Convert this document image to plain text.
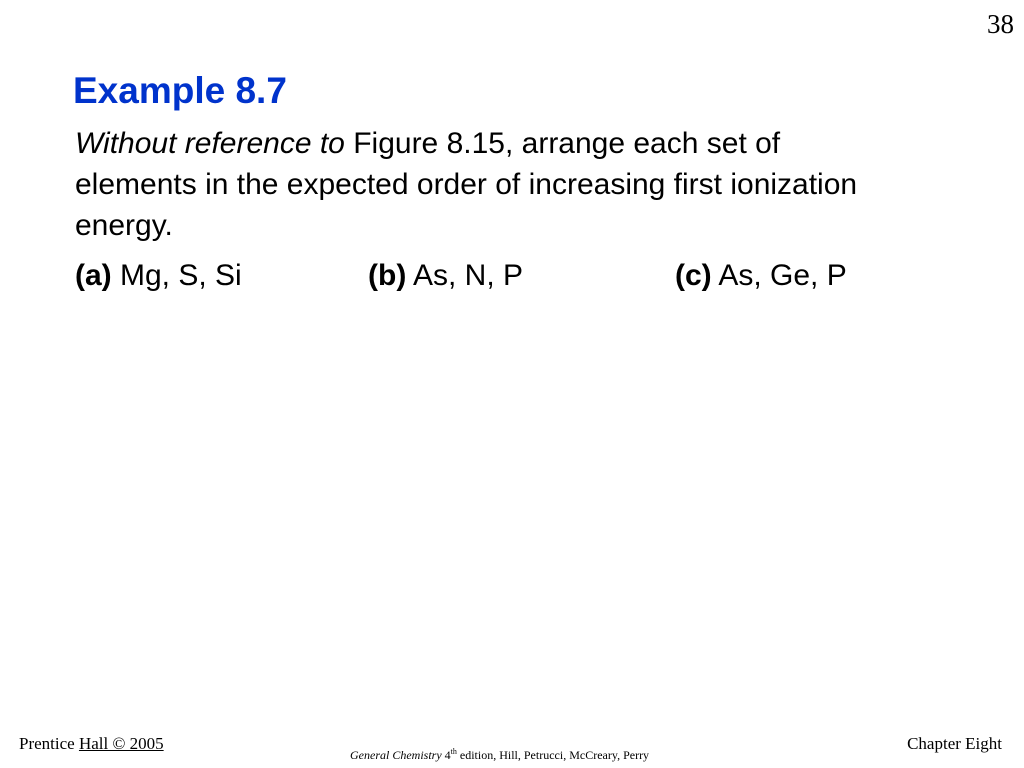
38
Example 8.7

Without reference to Figure 8.15, arrange each set of elements in the expected order of increasing first ionization energy.

(a) Mg, S, Si	(b) As, N, P	(c) As, Ge, P
Prentice Hall © 2005
General Chemistry 4th edition, Hill, Petrucci, McCreary, Perry
Chapter Eight
